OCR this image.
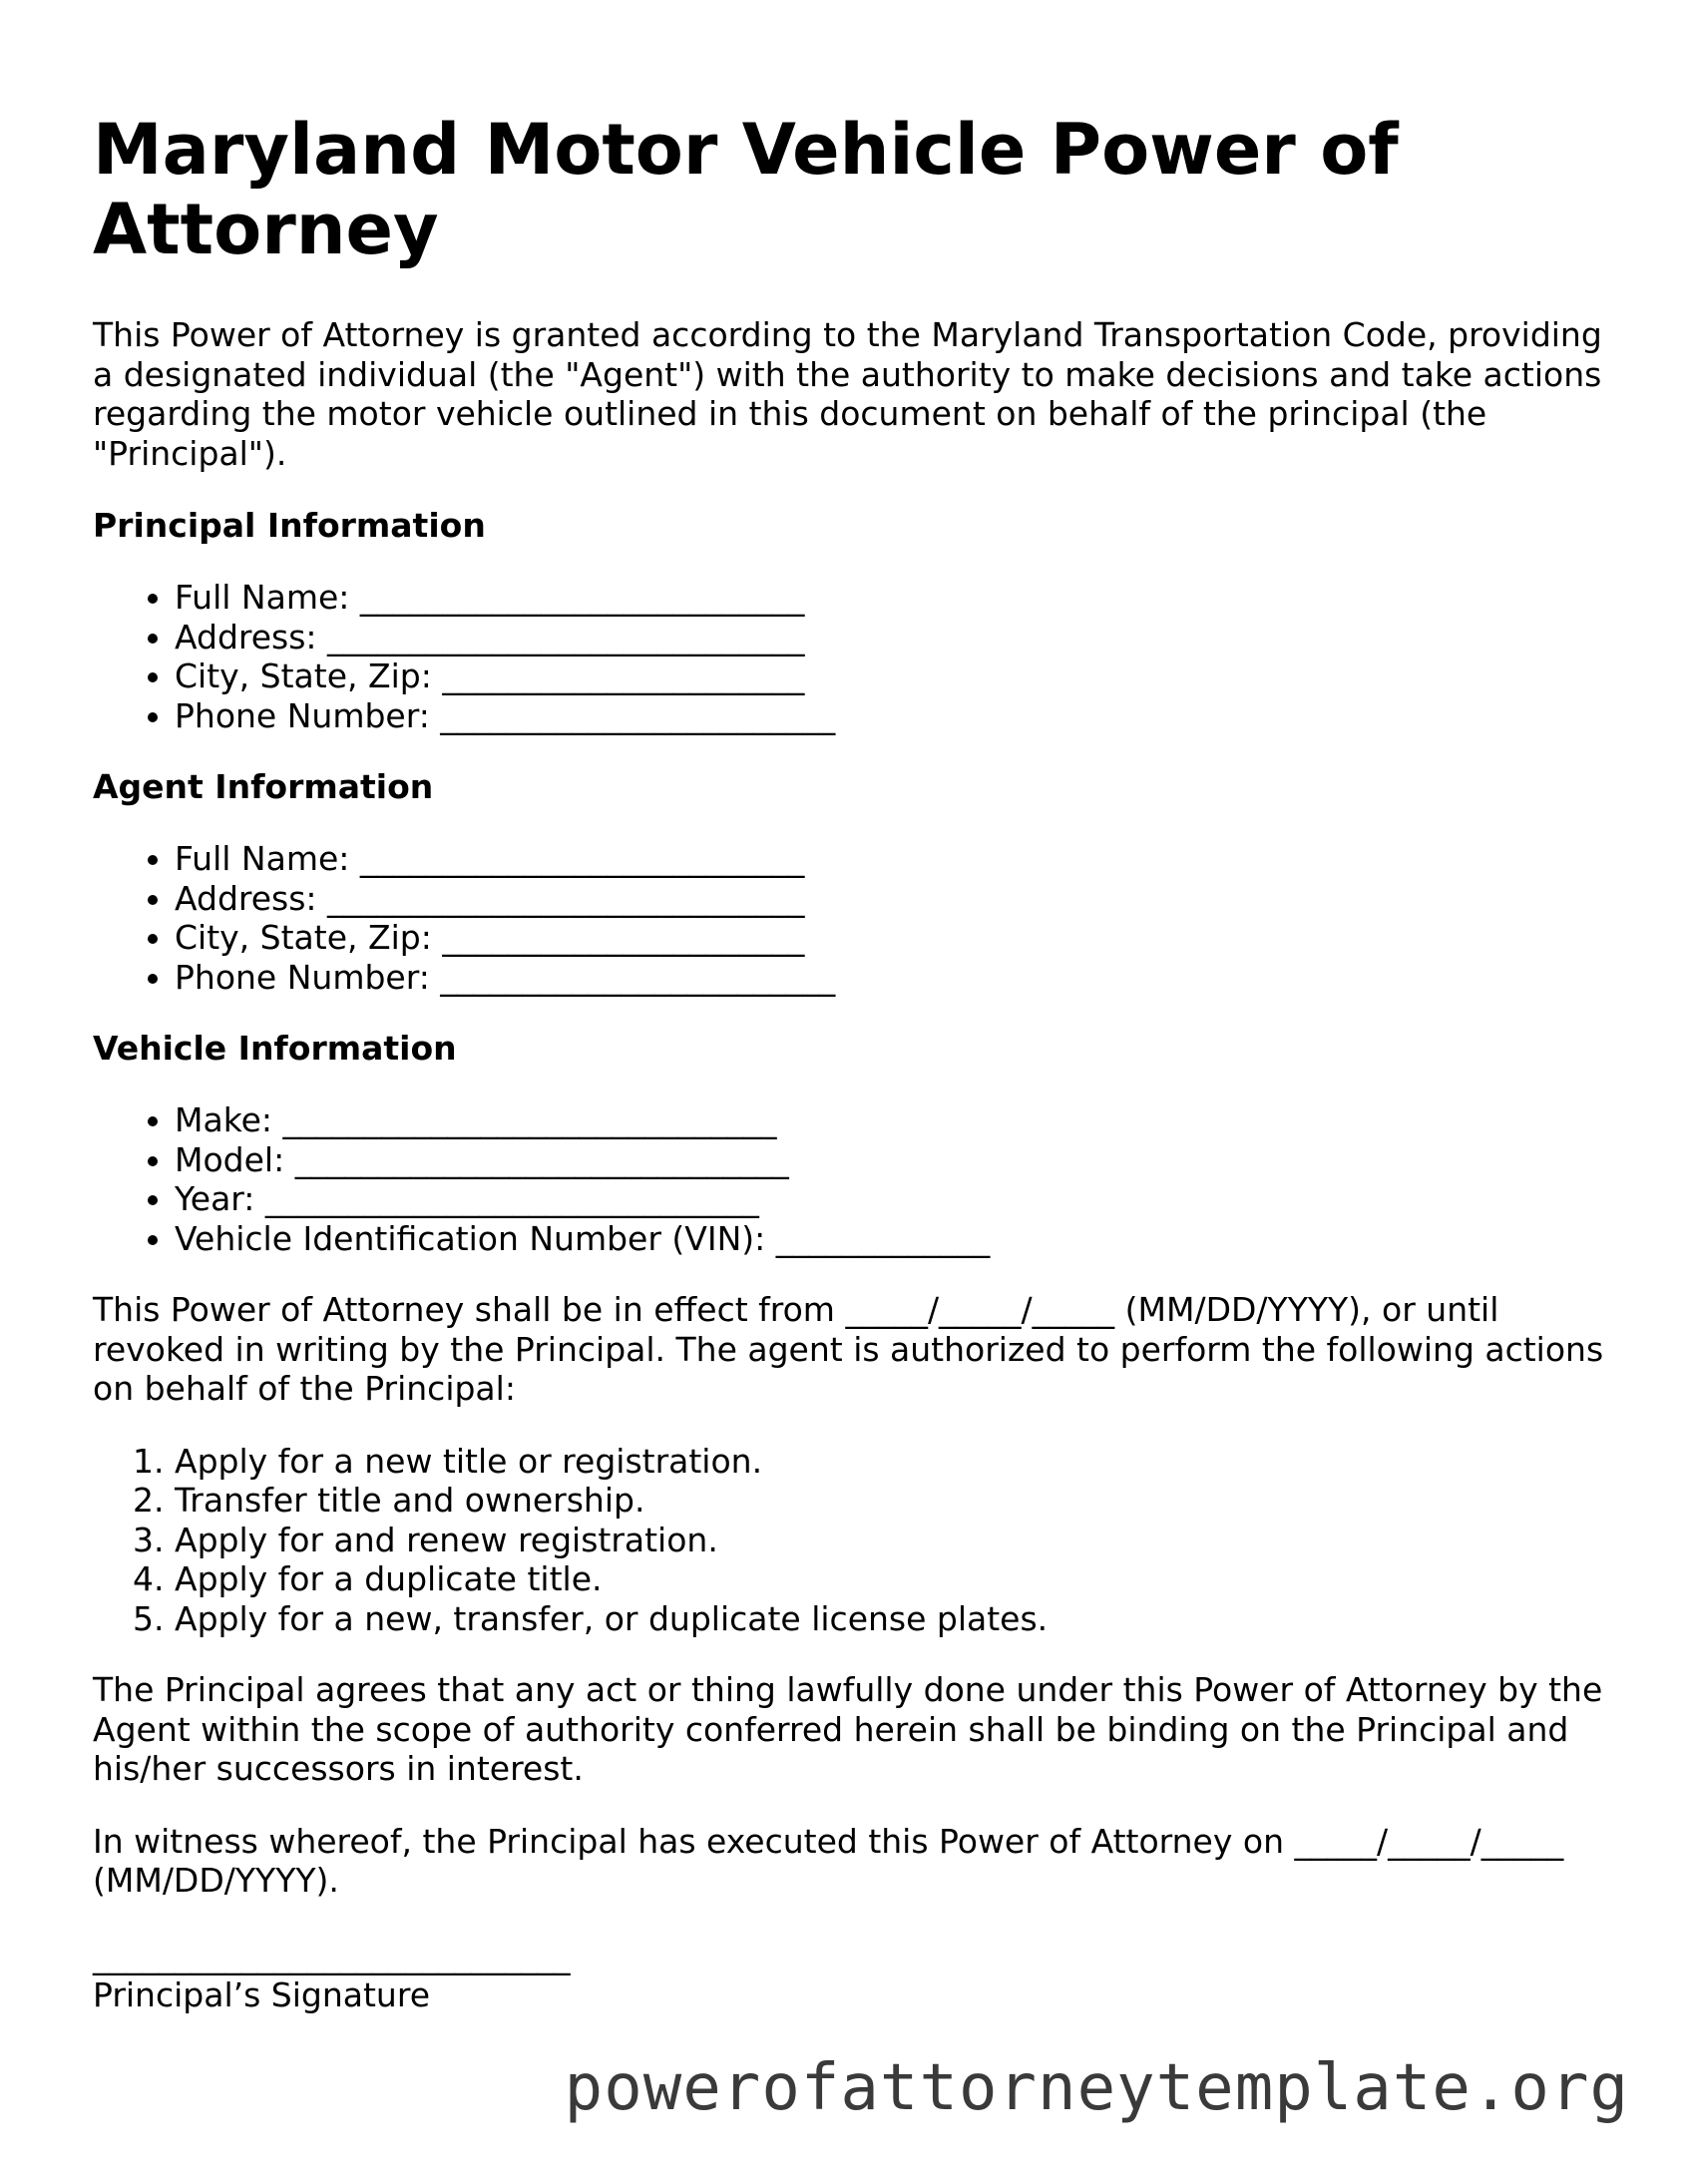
Maryland Motor Vehicle Power of Attorney

This Power of Attorney is granted according to the Maryland Transportation Code, providing a designated individual (the "Agent") with the authority to make decisions and take actions regarding the motor vehicle outlined in this document on behalf of the principal (the "Principal").

Principal Information
• Full Name: ___________________________
• Address: _____________________________
• City, State, Zip: ______________________
• Phone Number: ________________________
Agent Information
• Full Name: ___________________________
• Address: _____________________________
• City, State, Zip: ______________________
• Phone Number: ________________________
Vehicle Information
• Make: ______________________________
• Model: ______________________________
• Year: ______________________________
• Vehicle Identification Number (VIN): _____________

This Power of Attorney shall be in effect from _____/_____/_____ (MM/DD/YYYY), or until revoked in writing by the Principal. The agent is authorized to perform the following actions on behalf of the Principal:

1. Apply for a new title or registration.
2. Transfer title and ownership.
3. Apply for and renew registration.
4. Apply for a duplicate title.
5. Apply for a new, transfer, or duplicate license plates.

The Principal agrees that any act or thing lawfully done under this Power of Attorney by the Agent within the scope of authority conferred herein shall be binding on the Principal and his/her successors in interest.

In witness whereof, the Principal has executed this Power of Attorney on _____/_____/_____ (MM/DD/YYYY).

_____________________________
Principal’s Signature
powerofattorneytemplate.org
